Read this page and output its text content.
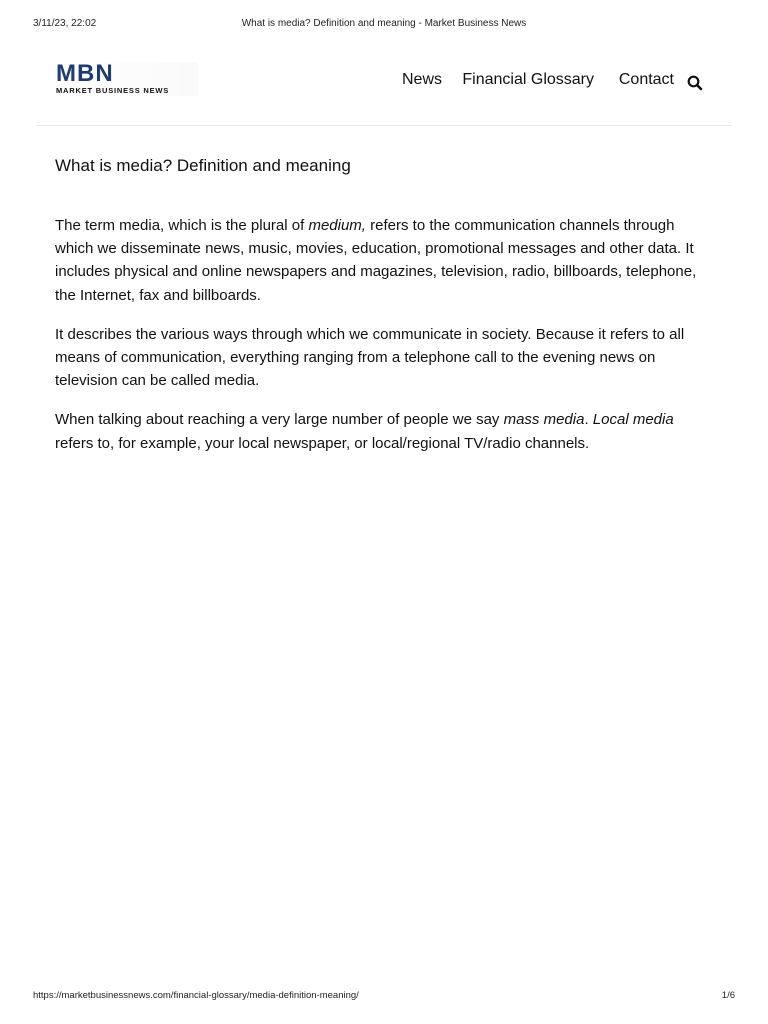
3/11/23, 22:02	What is media? Definition and meaning - Market Business News
MBN
MARKET BUSINESS NEWS
News Financial Glossary Contact
What is media? Definition and meaning

The term media, which is the plural of medium, refers to the communication channels through which we disseminate news, music, movies, education, promotional messages and other data. It includes physical and online newspapers and magazines, television, radio, billboards, telephone, the Internet, fax and billboards.

It describes the various ways through which we communicate in society. Because it refers to all means of communication, everything ranging from a telephone call to the evening news on television can be called media.

When talking about reaching a very large number of people we say mass media. Local media refers to, for example, your local newspaper, or local/regional TV/radio channels.

https://marketbusinessnews.com/financial-glossary/media-definition-meaning/	1/6
